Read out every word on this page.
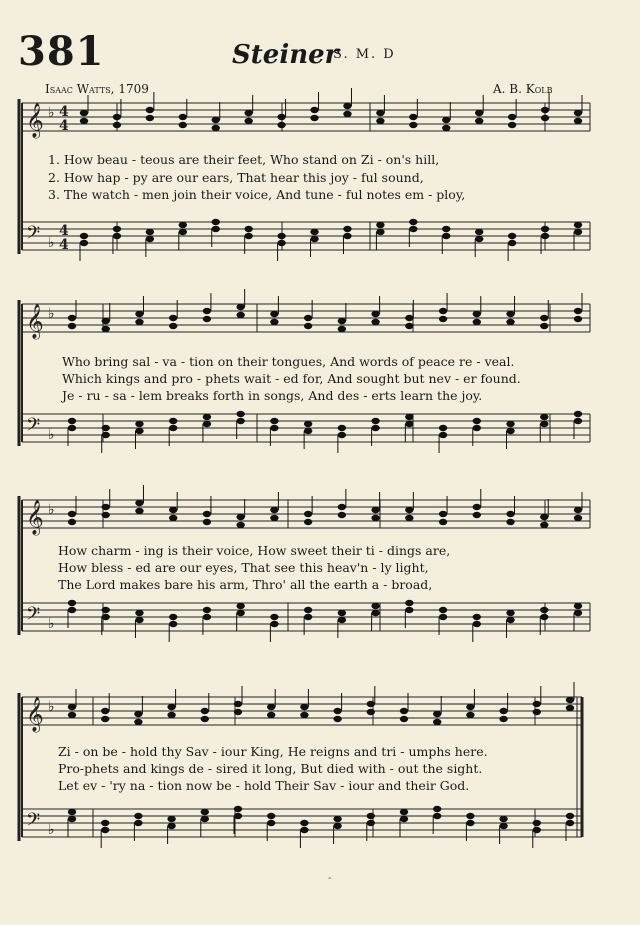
381	Steiner
S. M. D
Isaac Watts, 1709	A. B. Kolb
𝄞
𝄢
♭
♭
4
4
4
4
𝄞
𝄢
♭
♭
𝄞
𝄢
♭
♭
𝄞
𝄢
♭
♭
1. How beau - teous are their feet, Who stand on Zi - on's hill,
2. How hap - py are our ears, That hear this joy - ful sound,
3. The watch - men join their voice, And tune - ful notes em - ploy,
Who bring sal - va - tion on their tongues, And words of peace re - veal.
Which kings and pro - phets wait - ed for, And sought but nev - er found.
Je - ru - sa - lem breaks forth in songs, And des - erts learn the joy.
How charm - ing is their voice, How sweet their ti - dings are,
How bless - ed are our eyes, That see this heav'n - ly light,
The Lord makes bare his arm, Thro' all the earth a - broad,
Zi - on be - hold thy Sav - iour King, He reigns and tri - umphs here.
Pro-phets and kings de - sired it long, But died with - out the sight.
Let ev - 'ry na - tion now be - hold Their Sav - iour and their God.
-
